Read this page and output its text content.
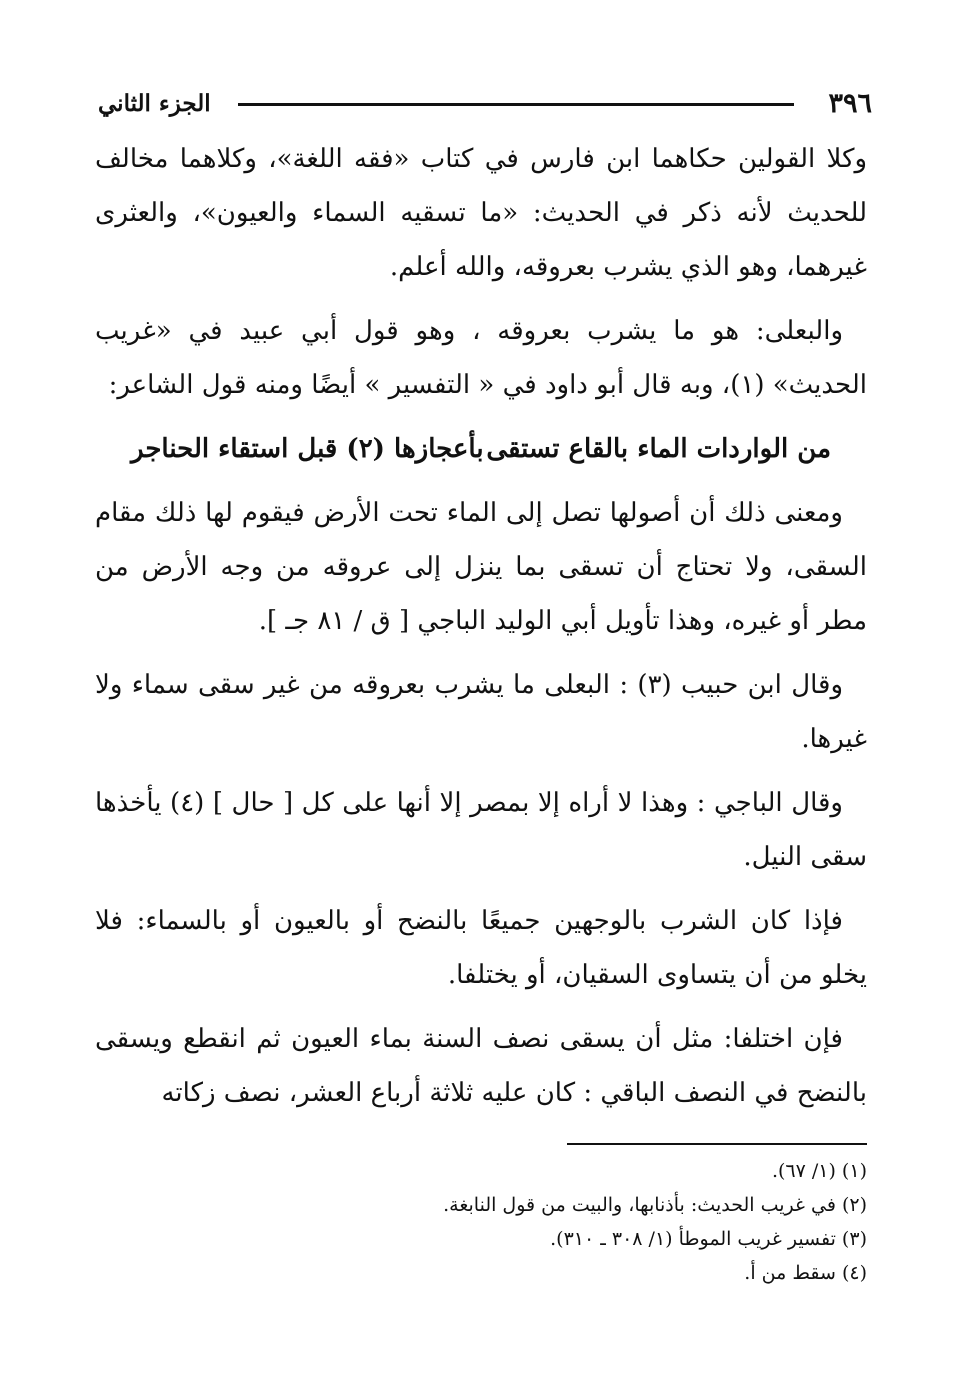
٣٩٦
الجزء الثاني

وكلا القولين حكاهما ابن فارس في كتاب «فقه اللغة»، وكلاهما مخالف للحديث لأنه ذكر في الحديث: «ما تسقيه السماء والعيون»، والعثرى غيرهما، وهو الذي يشرب بعروقه، والله أعلم.

والبعلى: هو ما يشرب بعروقه ، وهو قول أبي عبيد في «غريب الحديث» (١)، وبه قال أبو داود في « التفسير » أيضًا ومنه قول الشاعر:

من الواردات الماء بالقاع تستقى
بأعجازها (٢) قبل استقاء الحناجر

ومعنى ذلك أن أصولها تصل إلى الماء تحت الأرض فيقوم لها ذلك مقام السقى، ولا تحتاج أن تسقى بما ينزل إلى عروقه من وجه الأرض من مطر أو غيره، وهذا تأويل أبي الوليد الباجي [ ق / ٨١ جـ ].

وقال ابن حبيب (٣) : البعلى ما يشرب بعروقه من غير سقى سماء ولا غيرها.

وقال الباجي : وهذا لا أراه إلا بمصر إلا أنها على كل [ حال ] (٤) يأخذها سقى النيل.

فإذا كان الشرب بالوجهين جميعًا بالنضح أو بالعيون أو بالسماء: فلا يخلو من أن يتساوى السقيان، أو يختلفا.

فإن اختلفا: مثل أن يسقى نصف السنة بماء العيون ثم انقطع ويسقى بالنضح في النصف الباقي : كان عليه ثلاثة أرباع العشر، نصف زكاته

(١) (١/ ٦٧).

(٢) في غريب الحديث: بأذنابها، والبيت من قول النابغة.

(٣) تفسير غريب الموطأ (١/ ٣٠٨ ـ ٣١٠).

(٤) سقط من أ.
